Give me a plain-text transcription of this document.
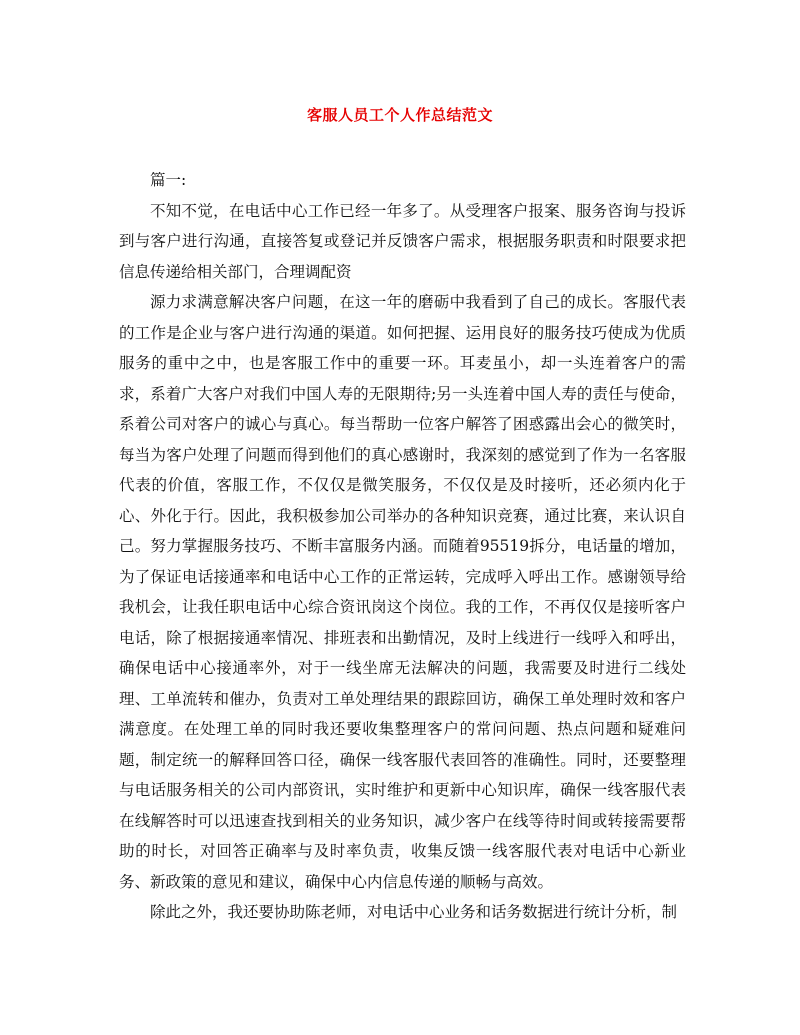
客服人员工个人作总结范文

篇一:

不知不觉，在电话中心工作已经一年多了。从受理客户报案、服务咨询与投诉到与客户进行沟通，直接答复或登记并反馈客户需求，根据服务职责和时限要求把信息传递给相关部门，合理调配资

源力求满意解决客户问题，在这一年的磨砺中我看到了自己的成长。客服代表的工作是企业与客户进行沟通的渠道。如何把握、运用良好的服务技巧使成为优质服务的重中之中，也是客服工作中的重要一环。耳麦虽小，却一头连着客户的需求，系着广大客户对我们中国人寿的无限期待;另一头连着中国人寿的责任与使命，系着公司对客户的诚心与真心。每当帮助一位客户解答了困惑露出会心的微笑时，每当为客户处理了问题而得到他们的真心感谢时，我深刻的感觉到了作为一名客服代表的价值，客服工作，不仅仅是微笑服务，不仅仅是及时接听，还必须内化于心、外化于行。因此，我积极参加公司举办的各种知识竞赛，通过比赛，来认识自己。努力掌握服务技巧、不断丰富服务内涵。而随着95519拆分，电话量的增加，为了保证电话接通率和电话中心工作的正常运转，完成呼入呼出工作。感谢领导给我机会，让我任职电话中心综合资讯岗这个岗位。我的工作，不再仅仅是接听客户电话，除了根据接通率情况、排班表和出勤情况，及时上线进行一线呼入和呼出，确保电话中心接通率外，对于一线坐席无法解决的问题，我需要及时进行二线处理、工单流转和催办，负责对工单处理结果的跟踪回访，确保工单处理时效和客户满意度。在处理工单的同时我还要收集整理客户的常问问题、热点问题和疑难问题，制定统一的解释回答口径，确保一线客服代表回答的准确性。同时，还要整理与电话服务相关的公司内部资讯，实时维护和更新中心知识库，确保一线客服代表在线解答时可以迅速查找到相关的业务知识，减少客户在线等待时间或转接需要帮助的时长，对回答正确率与及时率负责，收集反馈一线客服代表对电话中心新业务、新政策的意见和建议，确保中心内信息传递的顺畅与高效。

除此之外，我还要协助陈老师，对电话中心业务和话务数据进行统计分析，制
